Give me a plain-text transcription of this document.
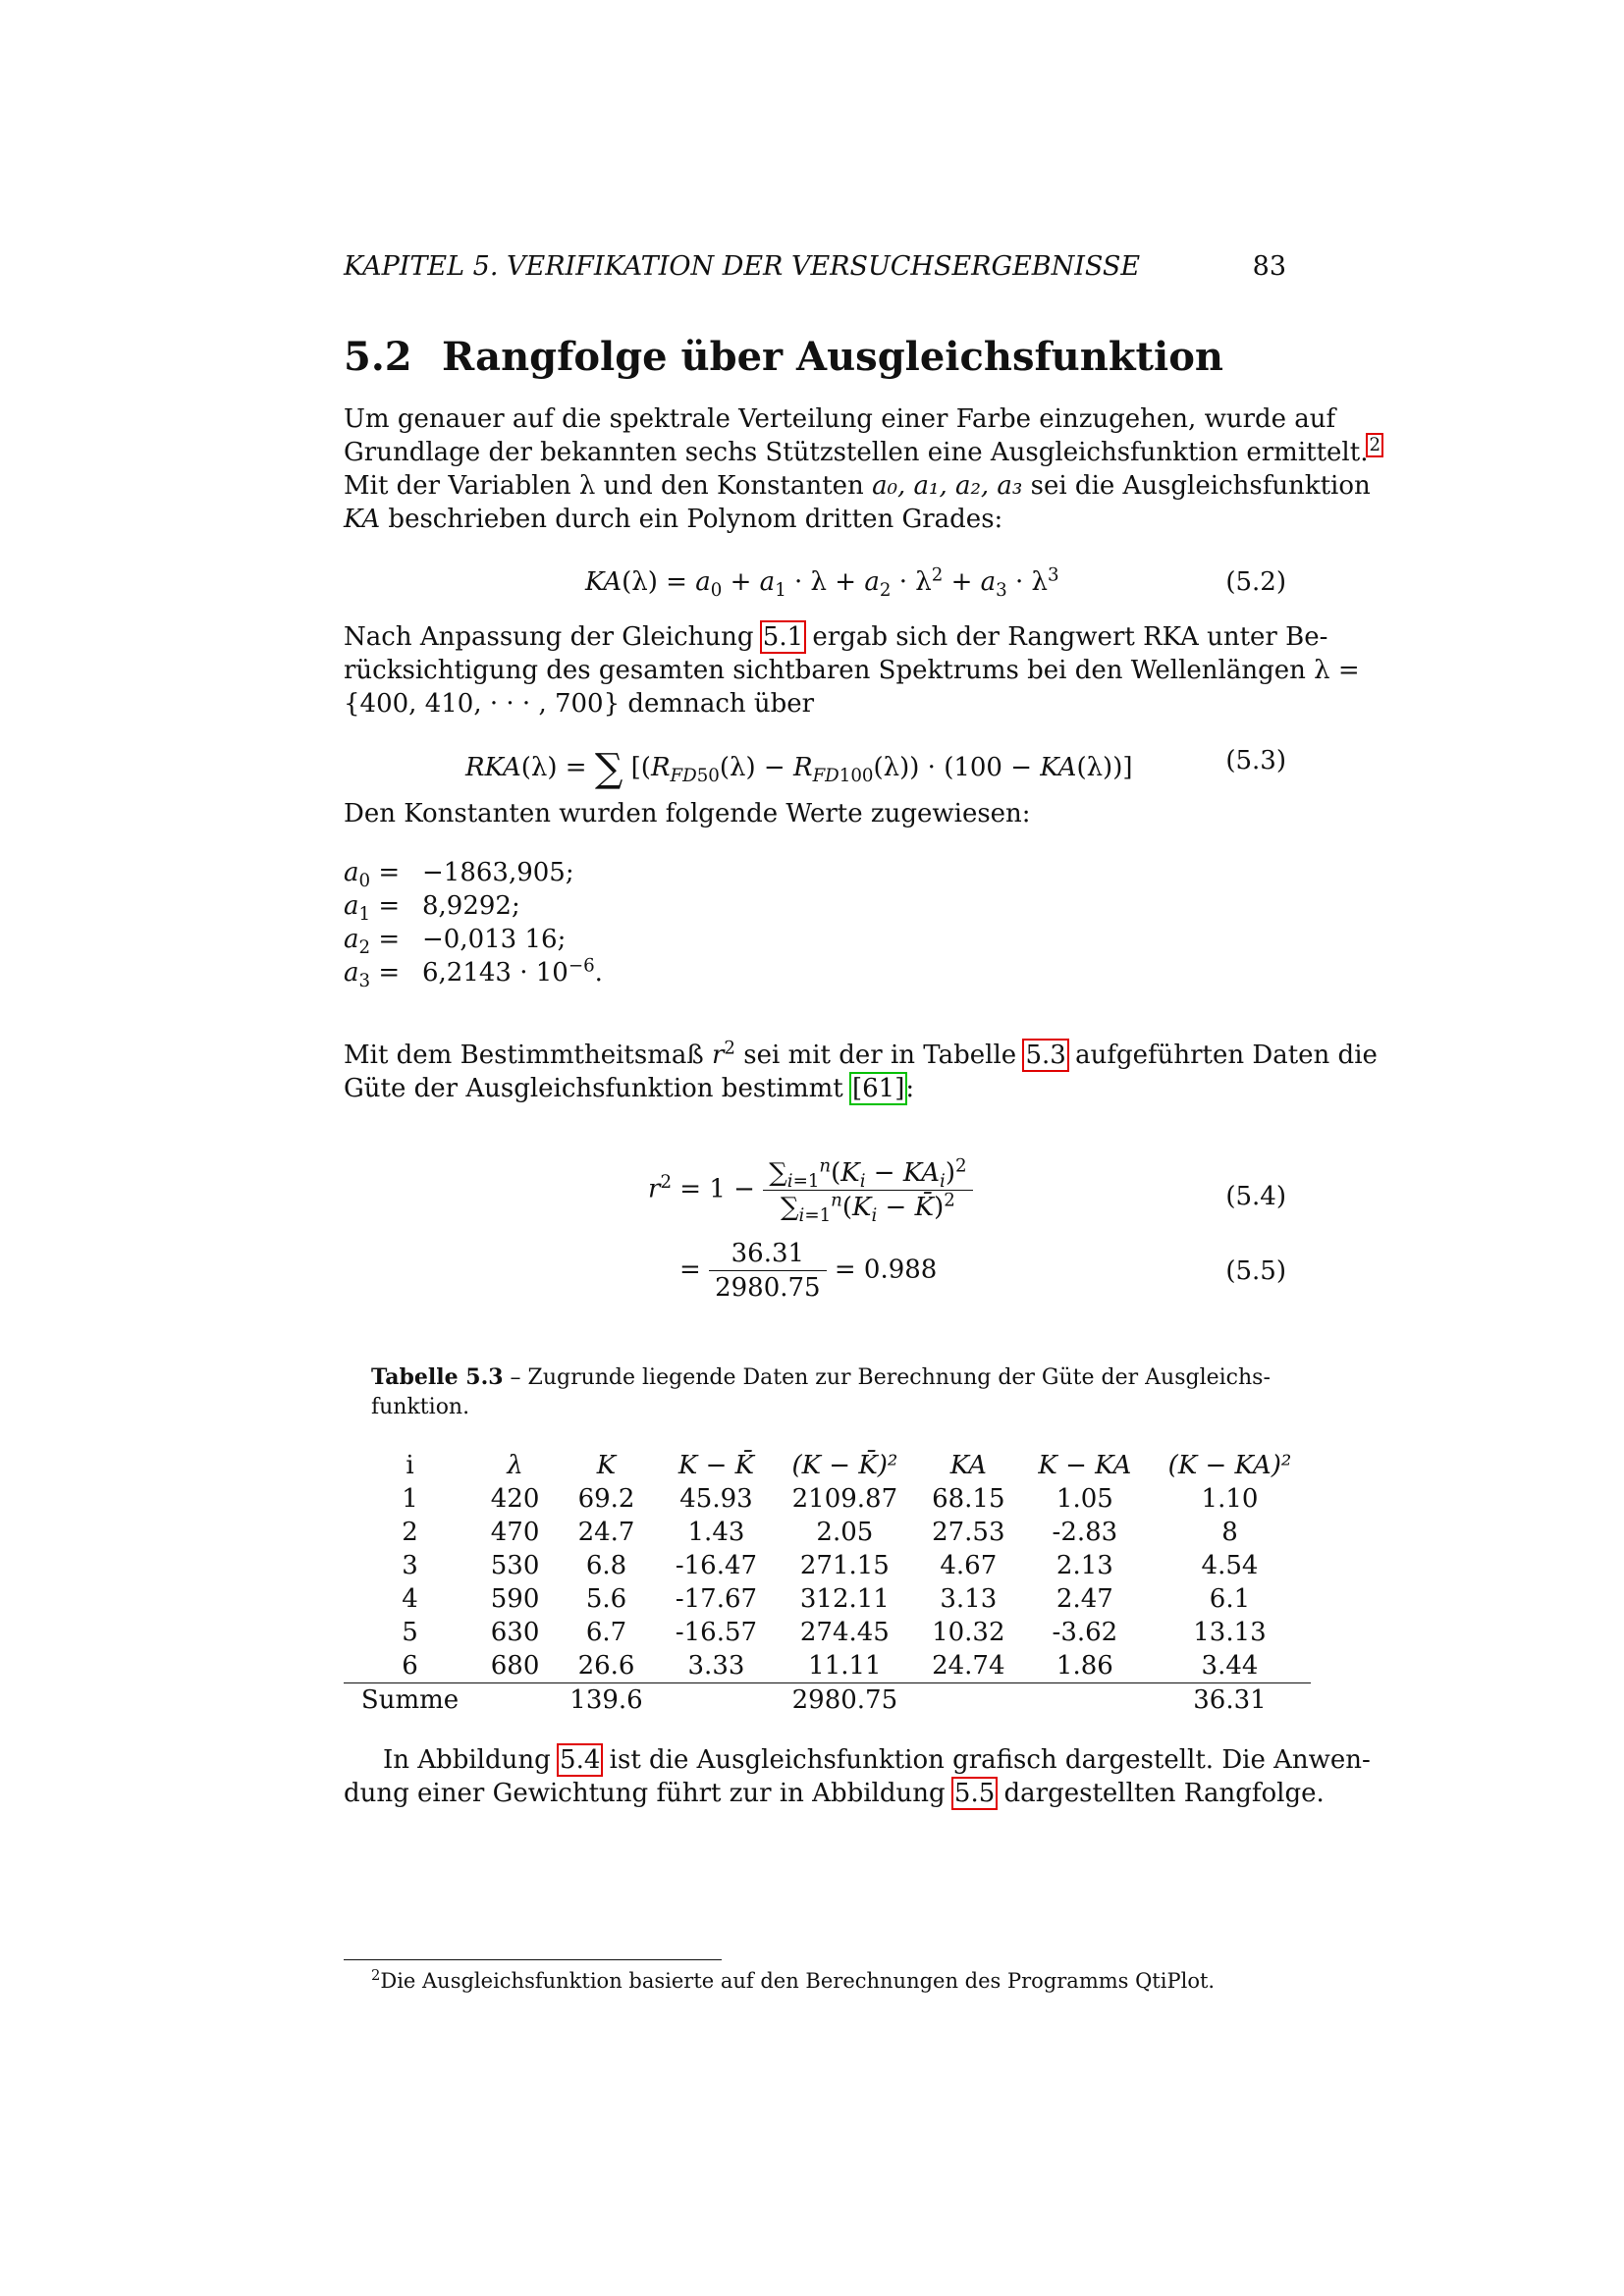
KAPITEL 5. VERIFIKATION DER VERSUCHSERGEBNISSE	83
5.2 Rangfolge über Ausgleichsfunktion
Um genauer auf die spektrale Verteilung einer Farbe einzugehen, wurde auf
Grundlage der bekannten sechs Stützstellen eine Ausgleichsfunktion ermittelt.$^2$
Mit der Variablen λ und den Konstanten a₀, a₁, a₂, a₃ sei die Ausgleichsfunktion
KA beschrieben durch ein Polynom dritten Grades:
$KA(\lambda) = a_0 + a_1 \cdot \lambda + a_2 \cdot \lambda^2 + a_3 \cdot \lambda^3$	(5.2)
Nach Anpassung der Gleichung 5.1 ergab sich der Rangwert RKA unter Be-
rücksichtigung des gesamten sichtbaren Spektrums bei den Wellenlängen λ =
{400, 410, · · · , 700} demnach über
RKA(λ) = ∑ $[(R_{FD50}(\lambda) - R_{FD100}(\lambda)) \cdot (100 - KA(\lambda))]$	(5.3)
Den Konstanten wurden folgende Werte zugewiesen:
$a_0 = -1863,905$;
$a_1 = 8,9292$;
$a_2 = -0,013$ 16;
$a_3 = 6,2143 \cdot 10^{-6}$.
Mit dem Bestimmtheitsmaß $r^2$ sei mit der in Tabelle 5.3 aufgeführten Daten die
Güte der Ausgleichsfunktion bestimmt [61]:
$r^2 = 1 - \frac{\sum_{i=1}^n(K_i - KA_i)^2}{\sum_{i=1}^n(K_i - K̄)^2}$	(5.4)
= $\frac{36.31}{2980.75} = 0.988$	(5.5)
Tabelle 5.3 – Zugrunde liegende Daten zur Berechnung der Güte der Ausgleichs-
funktion.
i	λ	K	K − K̄	(K − K̄)²	KA	K − KA	(K − KA)²
1	420	69.2	45.93	2109.87	68.15	1.05	1.10
2	470	24.7	1.43	2.05	27.53	-2.83	8
3	530	6.8	-16.47	271.15	4.67	2.13	4.54
4	590	5.6	-17.67	312.11	3.13	2.47	6.1
5	630	6.7	-16.57	274.45	10.32	-3.62	13.13
6	680	26.6	3.33	11.11	24.74	1.86	3.44
Summe		139.6		2980.75			36.31
In Abbildung 5.4 ist die Ausgleichsfunktion grafisch dargestellt. Die Anwen-
dung einer Gewichtung führt zur in Abbildung 5.5 dargestellten Rangfolge.
$^2$Die Ausgleichsfunktion basierte auf den Berechnungen des Programms QtiPlot.
